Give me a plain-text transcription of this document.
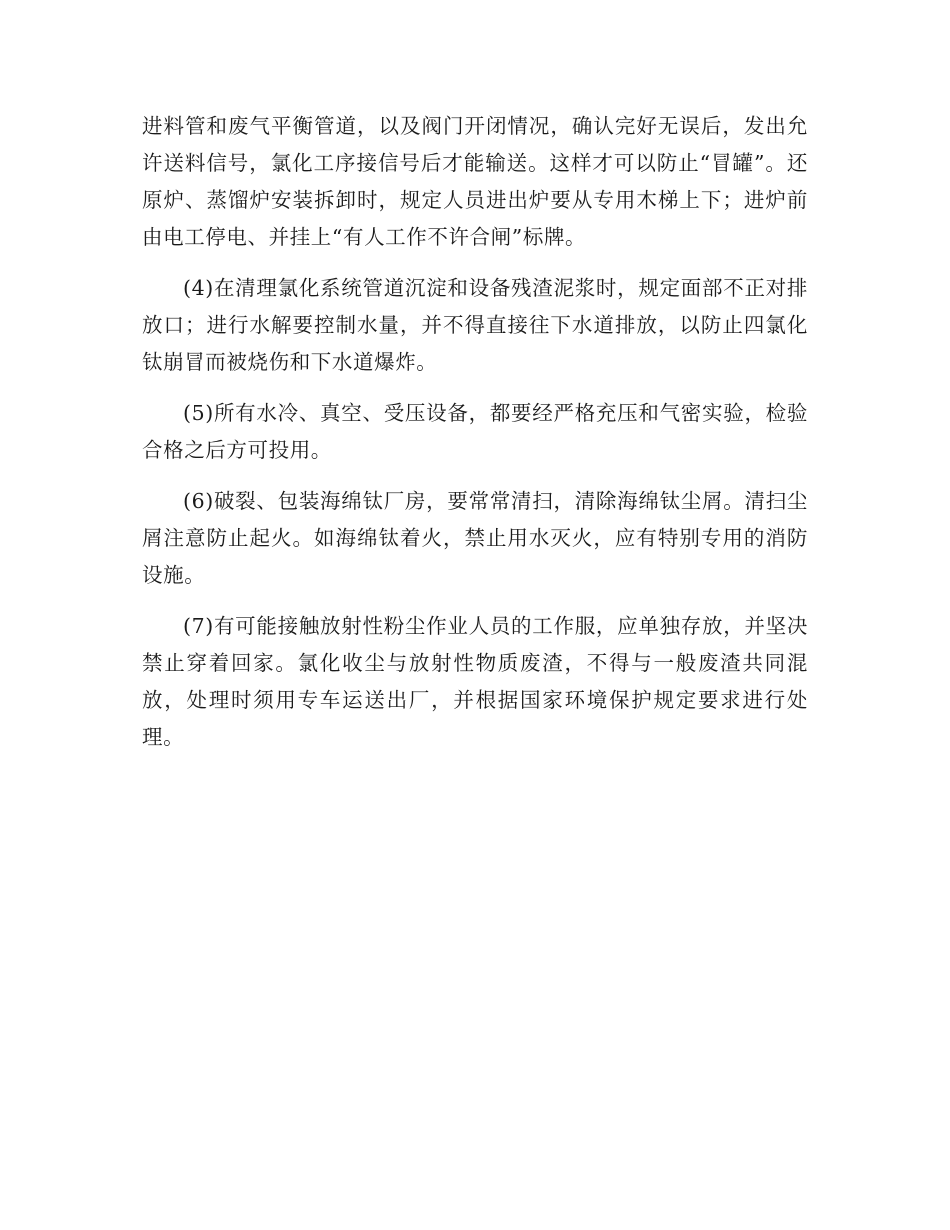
进料管和废气平衡管道，以及阀门开闭情况，确认完好无误后，发出允许送料信号，氯化工序接信号后才能输送。这样才可以防止“冒罐”。还原炉、蒸馏炉安装拆卸时，规定人员进出炉要从专用木梯上下；进炉前由电工停电、并挂上“有人工作不许合闸”标牌。

(4)在清理氯化系统管道沉淀和设备残渣泥浆时，规定面部不正对排放口；进行水解要控制水量，并不得直接往下水道排放，以防止四氯化钛崩冒而被烧伤和下水道爆炸。

(5)所有水冷、真空、受压设备，都要经严格充压和气密实验，检验合格之后方可投用。

(6)破裂、包装海绵钛厂房，要常常清扫，清除海绵钛尘屑。清扫尘屑注意防止起火。如海绵钛着火，禁止用水灭火，应有特别专用的消防设施。

(7)有可能接触放射性粉尘作业人员的工作服，应单独存放，并坚决禁止穿着回家。氯化收尘与放射性物质废渣，不得与一般废渣共同混放，处理时须用专车运送出厂，并根据国家环境保护规定要求进行处理。
